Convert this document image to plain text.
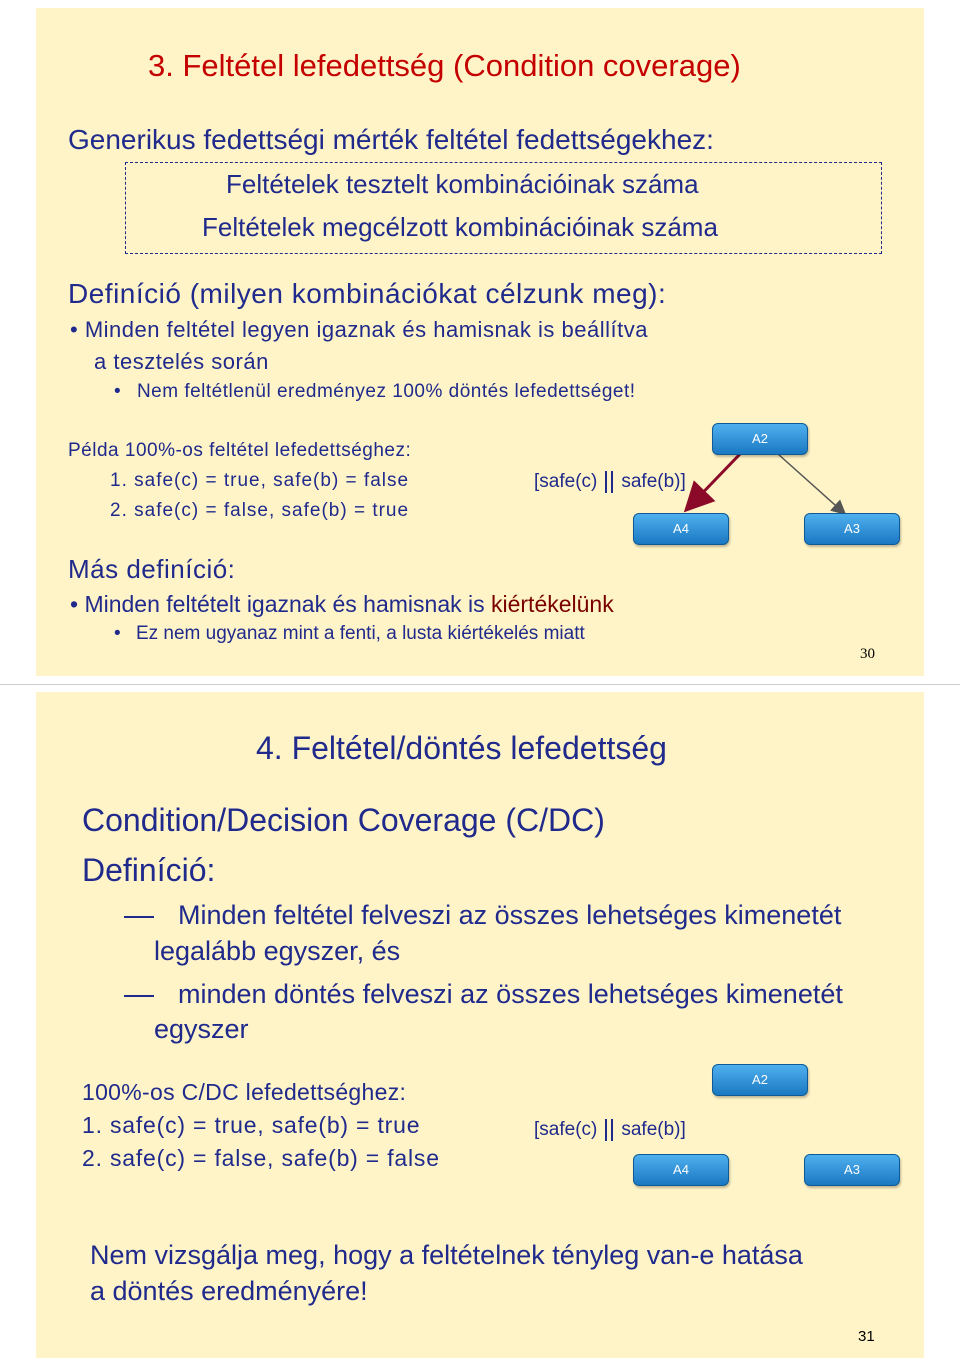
3. Feltétel lefedettség (Condition coverage)
Generikus fedettségi mérték feltétel fedettségekhez:
Feltételek tesztelt kombinációinak száma
Feltételek megcélzott kombinációinak száma
Definíció (milyen kombinációkat célzunk meg):
• Minden feltétel legyen igaznak és hamisnak is beállítva
a tesztelés során
• Nem feltétlenül eredményez 100% döntés lefedettséget!
Példa 100%-os feltétel lefedettséghez:
1. safe(c) = true, safe(b) = false
2. safe(c) = false, safe(b) = true
[safe(c) safe(b)]
A2
A4	A3
Más definíció:
• Minden feltételt igaznak és hamisnak is kiértékelünk
• Ez nem ugyanaz mint a fenti, a lusta kiértékelés miatt
30
4. Feltétel/döntés lefedettség
Condition/Decision Coverage (C/DC)
Definíció:
Minden feltétel felveszi az összes lehetséges kimenetét
legalább egyszer, és
minden döntés felveszi az összes lehetséges kimenetét
egyszer
100%-os C/DC lefedettséghez:
1. safe(c) = true, safe(b) = true
2. safe(c) = false, safe(b) = false
[safe(c) safe(b)]
A2
A4	A3
Nem vizsgálja meg, hogy a feltételnek tényleg van-e hatása
a döntés eredményére!
31
